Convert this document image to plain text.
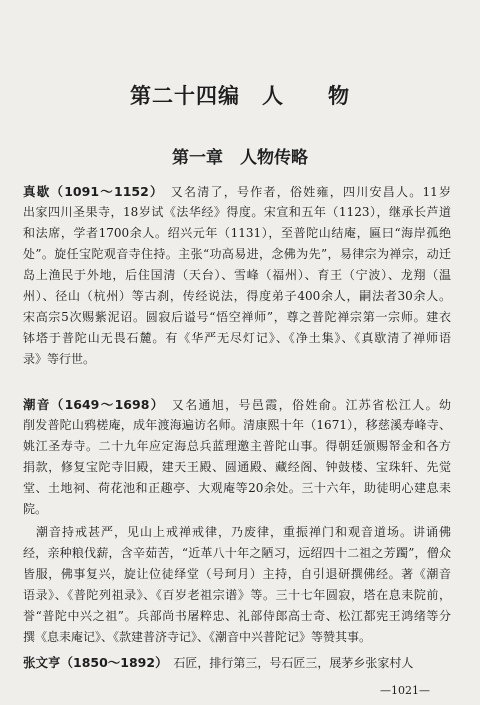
第二十四编　人　　物
第一章　人物传略
真歇（1091～1152）　又名清了，号作者，俗姓雍，四川安昌人。11岁
出家四川圣果寺，18岁试《法华经》得度。宋宣和五年（1123），继承长芦道
和法席，学者1700余人。绍兴元年（1131），至普陀山结庵，匾曰“海岸孤绝
处”。旋任宝陀观音寺住持。主张“功高易进，念佛为先”，易律宗为禅宗，动迁
岛上渔民于外地，后住国清（天台）、雪峰（福州）、育王（宁波）、龙翔（温
州）、径山（杭州）等古刹，传经说法，得度弟子400余人，嗣法者30余人。
宋高宗5次赐紫泥诏。圆寂后谥号“悟空禅师”，尊之普陀禅宗第一宗师。建衣
钵塔于普陀山无畏石麓。有《华严无尽灯记》、《净土集》、《真歇清了禅师语
录》等行世。
潮音（1649～1698）　又名通旭，号邑霞，俗姓俞。江苏省松江人。幼
削发普陀山鸦槎庵，成年渡海遍访名师。清康熙十年（1671），移慈溪寿峰寺、
姚江圣寿寺。二十九年应定海总兵蓝理邀主普陀山事。得朝廷颁赐帑金和各方
捐款，修复宝陀寺旧殿，建天王殿、圆通殿、藏经阁、钟鼓楼、宝珠轩、先觉
堂、土地祠、荷花池和正趣亭、大观庵等20余处。三十六年，助徒明心建息耒
院。
　潮音持戒甚严，见山上戒禅戒律，乃废律，重振禅门和观音道场。讲诵佛
经，亲种粮伐薪，含辛茹苦，“近革八十年之陋习，远绍四十二祖之芳躅”，僧众
皆服，佛事复兴，旋让位徒绎堂（号珂月）主持，自引退研撰佛经。著《潮音
语录》、《普陀列祖录》、《百岁老祖宗谱》等。三十七年圆寂，塔在息耒院前，
誉“普陀中兴之祖”。兵部尚书屠粹忠、礼部侍郎高士奇、松江都宪王鸿绪等分
撰《息耒庵记》、《款建普济寺记》、《潮音中兴普陀记》等赞其事。
张文亨（1850～1892）　石匠，排行第三，号石匠三，展茅乡张家村人
—1021—
